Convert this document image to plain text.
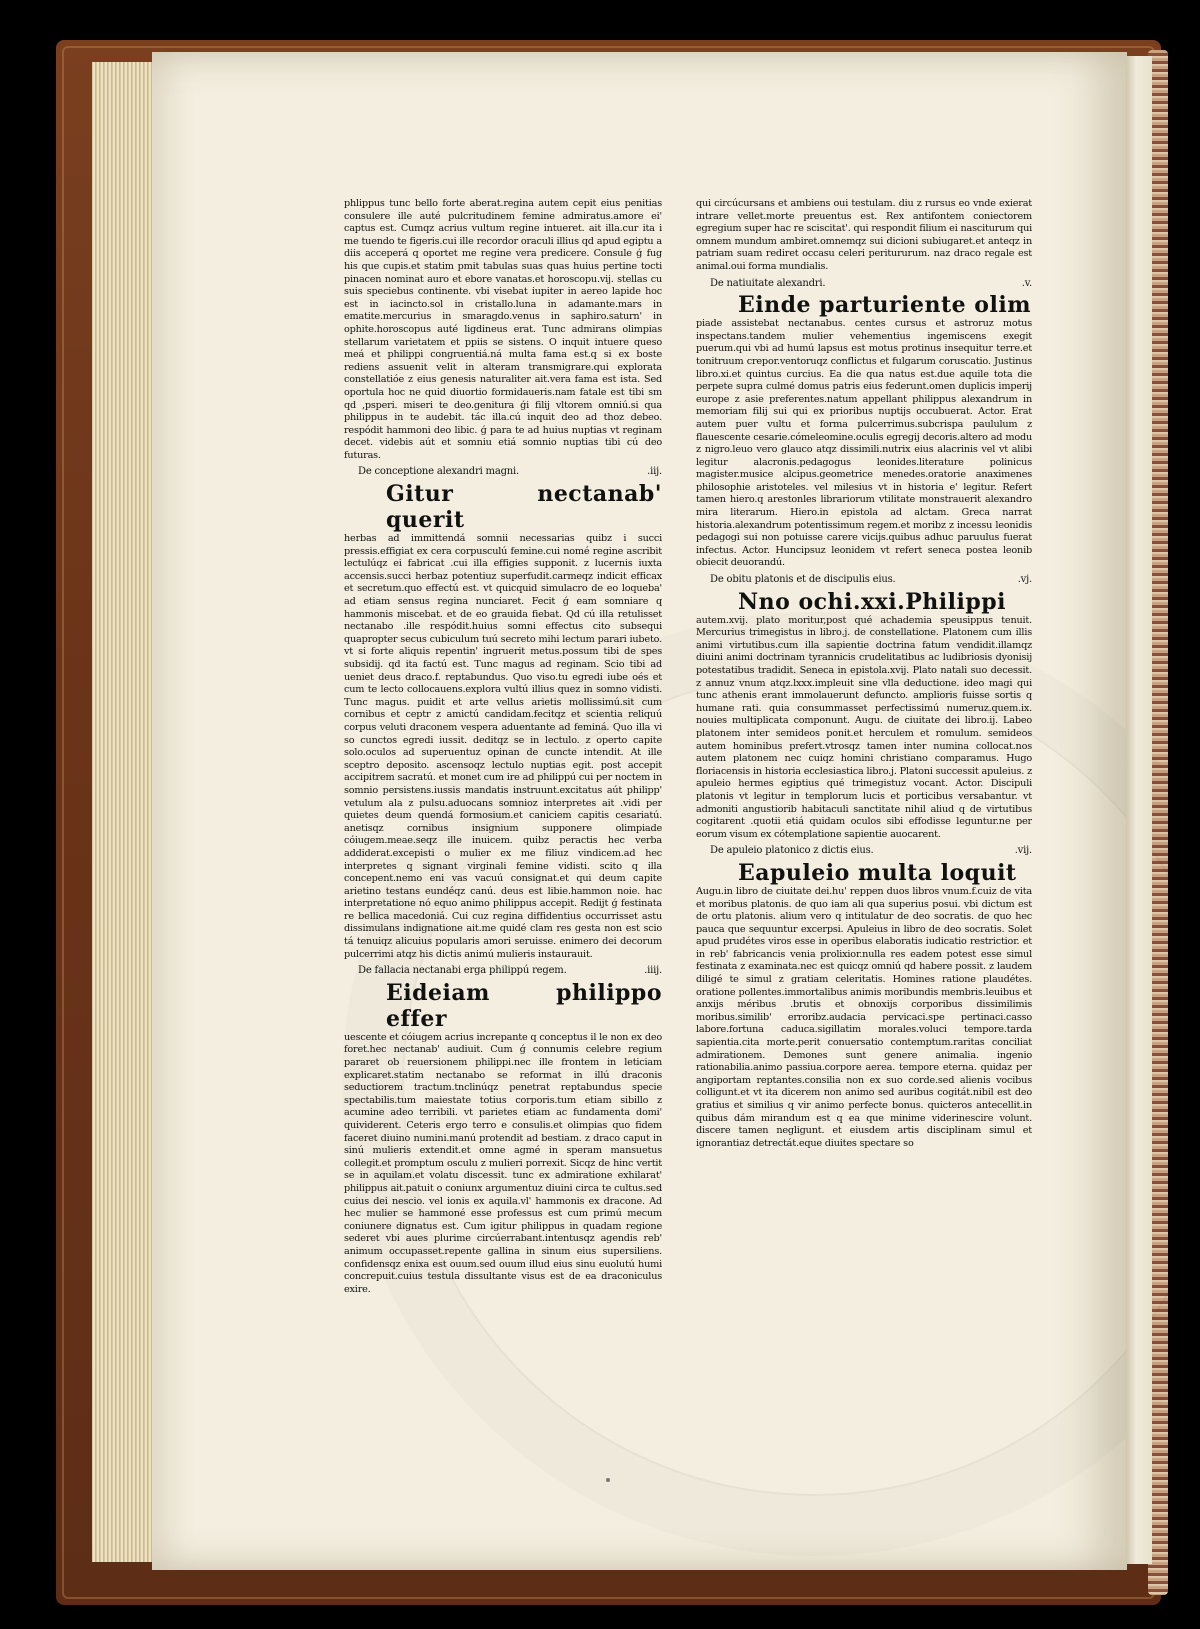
phlippus tunc bello forte aberat.regina autem cepit eius penitias consulere ille auté pulcritudinem femine admiratus.amore ei' captus est. Cumqz acrius vultum regine intueret. ait illa.cur ita i me tuendo te figeris.cui ille recordor oraculi illius qd apud egiptu a diis acceperá q oportet me regine vera predicere. Consule ǵ fug his que cupis.et statim pmit tabulas suas quas huius pertine tocti pinacen nominat auro et ebore vanatas.et horoscopu.vij. stellas cu suis speciebus continente. vbi visebat iupiter in aereo lapide hoc est in iacincto.sol in cristallo.luna in adamante.mars in ematite.mercurius in smaragdo.venus in saphiro.saturn' in ophite.horoscopus auté ligdineus erat. Tunc admirans olimpias stellarum varietatem et ppiis se sistens. O inquit intuere queso meá et philippi congruentiá.ná multa fama est.q si ex boste rediens assuenit velit in alteram transmigrare.qui explorata constellatióe z eius genesis naturaliter ait.vera fama est ista. Sed oportula hoc ne quid diuortio formidaueris.nam fatale est tibi sm qd ,psperi. miseri te deo.genitura ǵi filij vltorem omniú.si qua philippus in te audebit. tác illa.cú inquit deo ad thoz debeo. respódit hammoni deo libic. ǵ para te ad huius nuptias vt reginam decet. videbis aút et somniu etiá somnio nuptias tibi cú deo futuras.

De conceptione alexandri magni.	.iij.
Gitur nectanab' querit

herbas ad immittendá somnii necessarias quibz i succi pressis.effigiat ex cera corpusculú femine.cui nomé regine ascribit lectulúqz ei fabricat .cui illa effigies supponit. z lucernis iuxta accensis.succi herbaz potentiuz superfudit.carmeqz indicit efficax et secretum.quo effectú est. vt quicquid simulacro de eo loqueba' ad etiam sensus regina nunciaret. Fecit ǵ eam somniare q hammonis miscebat. et de eo grauida fiebat. Qd cú illa retulisset nectanabo .ille respódit.huius somni effectus cito subsequi quapropter secus cubiculum tuú secreto mihi lectum parari iubeto. vt si forte aliquis repentin' ingruerit metus.possum tibi de spes subsidij. qd ita factú est. Tunc magus ad reginam. Scio tibi ad ueniet deus draco.f. reptabundus. Quo viso.tu egredi iube oés et cum te lecto collocauens.explora vultú illius quez in somno vidisti. Tunc magus. puidit et arte vellus arietis mollissimú.sit cum cornibus et ceptr z amictú candidam.fecitqz et scientia reliquú corpus veluti draconem vespera aduentante ad feminá. Quo illa vi so cunctos egredi iussit. deditqz se in lectulo. z operto capite solo.oculos ad superuentuz opinan de cuncte intendit. At ille sceptro deposito. ascensoqz lectulo nuptias egit. post accepit accipitrem sacratú. et monet cum ire ad philippú cui per noctem in somnio persistens.iussis mandatis instruunt.excitatus aút philipp' vetulum ala z pulsu.aduocans somnioz interpretes ait .vidi per quietes deum quendá formosium.et caniciem capitis cesariatú. anetisqz cornibus insignium supponere olimpiade cóiugem.meae.seqz ille inuicem. quibz peractis hec verba addiderat.excepisti o mulier ex me filiuz vindicem.ad hec interpretes q signant virginali femine vidisti. scito q illa concepent.nemo eni vas vacuú consignat.et qui deum capite arietino testans eundéqz canú. deus est libie.hammon noie. hac interpretatione nó equo animo philippus accepit. Redijt ǵ festinata re bellica macedoniá. Cui cuz regina diffidentius occurrisset astu dissimulans indignatione ait.me quidé clam res gesta non est scio tá tenuiqz alicuius popularis amori seruisse. enimero dei decorum pulcerrimi atqz his dictis animú mulieris instaurauit.

De fallacia nectanabi erga philippú regem.	.iiij.
Eideiam philippo effer

uescente et cóiugem acrius increpante q conceptus il le non ex deo foret.hec nectanab' audiuit. Cum ǵ connumis celebre regium pararet ob reuersionem philippi.nec ille frontem in leticiam explicaret.statim nectanabo se reformat in illú draconis seductiorem tractum.tnclinúqz penetrat reptabundus specie spectabilis.tum maiestate totius corporis.tum etiam sibillo z acumine adeo terribili. vt parietes etiam ac fundamenta domi' quividerent. Ceteris ergo terro e consulis.et olimpias quo fidem faceret diuino numini.manú protendit ad bestiam. z draco caput in sinú mulieris extendit.et omne agmé in speram mansuetus collegit.et promptum osculu z mulieri porrexit. Sicqz de hinc vertit se in aquilam.et volatu discessit. tunc ex admiratione exhilarat' philippus ait.patuit o coniunx argumentuz diuini circa te cultus.sed cuius dei nescio. vel ionis ex aquila.vl' hammonis ex dracone. Ad hec mulier se hammoné esse professus est cum primú mecum coniunere dignatus est. Cum igitur philippus in quadam regione sederet vbi aues plurime circúerrabant.intentusqz agendis reb' animum occupasset.repente gallina in sinum eius supersiliens. confidensqz enixa est ouum.sed ouum illud eius sinu euolutú humi concrepuit.cuius testula dissultante visus est de ea draconiculus exire.

qui circúcursans et ambiens oui testulam. diu z rursus eo vnde exierat intrare vellet.morte preuentus est. Rex antifontem coniectorem egregium super hac re sciscitat'. qui respondit filium ei nasciturum qui omnem mundum ambiret.omnemqz sui dicioni subiugaret.et anteqz in patriam suam rediret occasu celeri peritururum. naz draco regale est animal.oui forma mundialis.

De natiuitate alexandri.	.v.
Einde parturiente olim

piade assistebat nectanabus. centes cursus et astroruz motus inspectans.tandem mulier vehementius ingemiscens exegit puerum.qui vbi ad humú lapsus est motus protinus insequitur terre.et tonitruum crepor.ventoruqz conflictus et fulgarum coruscatio. Justinus libro.xi.et quintus curcius. Ea die qua natus est.due aquile tota die perpete supra culmé domus patris eius federunt.omen duplicis imperij europe z asie preferentes.natum appellant philippus alexandrum in memoriam filij sui qui ex prioribus nuptijs occubuerat. Actor. Erat autem puer vultu et forma pulcerrimus.subcrispa paululum z flauescente cesarie.cómeleomine.oculis egregij decoris.altero ad modu z nigro.leuo vero glauco atqz dissimili.nutrix eius alacrinis vel vt alibi legitur alacronis.pedagogus leonides.literature polinicus magister.musice alcipus.geometrice menedes.oratorie anaximenes philosophie aristoteles. vel milesius vt in historia e' legitur. Refert tamen hiero.q arestonles librariorum vtilitate monstrauerit alexandro mira literarum. Hiero.in epistola ad alctam. Greca narrat historia.alexandrum potentissimum regem.et moribz z incessu leonidis pedagogi sui non potuisse carere vicijs.quibus adhuc paruulus fuerat infectus. Actor. Huncipsuz leonidem vt refert seneca postea leonib obiecit deuorandú.

De obitu platonis et de discipulis eius.	.vj.
Nno ochi.xxi.Philippi

autem.xvij. plato moritur,post qué achademia speusippus tenuit. Mercurius trimegistus in libro.j. de constellatione. Platonem cum illis animi virtutibus.cum illa sapientie doctrina fatum vendidit.illamqz diuini animi doctrinam tyrannicis crudelitatibus ac ludibriosis dyonisij potestatibus tradidit. Seneca in epistola.xvij. Plato natali suo decessit. z annuz vnum atqz.lxxx.impleuit sine vlla deductione. ideo magi qui tunc athenis erant immolauerunt defuncto. amplioris fuisse sortis q humane rati. quia consummasset perfectissimú numeruz.quem.ix. nouies multiplicata componunt. Augu. de ciuitate dei libro.ij. Labeo platonem inter semideos ponit.et herculem et romulum. semideos autem hominibus prefert.vtrosqz tamen inter numina collocat.nos autem platonem nec cuiqz homini christiano comparamus. Hugo floriacensis in historia ecclesiastica libro.j. Platoni successit apuleius. z apuleio hermes egiptius qué trimegistuz vocant. Actor. Discipuli platonis vt legitur in templorum lucis et porticibus versabantur. vt admoniti angustiorib habitaculi sanctitate nihil aliud q de virtutibus cogitarent .quotii etiá quidam oculos sibi effodisse leguntur.ne per eorum visum ex cótemplatione sapientie auocarent.

De apuleio platonico z dictis eius.	.vij.
Eapuleio multa loquit

Augu.in libro de ciuitate dei.hu' reppen duos libros vnum.f.cuiz de vita et moribus platonis. de quo iam ali qua superius posui. vbi dictum est de ortu platonis. alium vero q intitulatur de deo socratis. de quo hec pauca que sequuntur excerpsi. Apuleius in libro de deo socratis. Solet apud prudétes viros esse in operibus elaboratis iudicatio restrictior. et in reb' fabricancis venia prolixior.nulla res eadem potest esse simul festinata z examinata.nec est quicqz omniú qd habere possit. z laudem diligé te simul z gratiam celeritatis. Homines ratione plaudétes. oratione pollentes.immortalibus animis moribundis membris.leuibus et anxijs méribus .brutis et obnoxijs corporibus dissimilimis moribus.similib' erroribz.audacia pervicaci.spe pertinaci.casso labore.fortuna caduca.sigillatim morales.voluci tempore.tarda sapientia.cita morte.perit conuersatio contemptum.raritas conciliat admirationem. Demones sunt genere animalia. ingenio rationabilia.animo passiua.corpore aerea. tempore eterna. quidaz per angiportam reptantes.consilia non ex suo corde.sed alienis vocibus colligunt.et vt ita dicerem non animo sed auribus cogitát.nibil est deo gratius et similius q vir animo perfecte bonus. quicteros antecellit.in quibus dám mirandum est q ea que minime viderinescire volunt. discere tamen negligunt. et eiusdem artis disciplinam simul et ignorantiaz detrectát.eque diuites spectare so
